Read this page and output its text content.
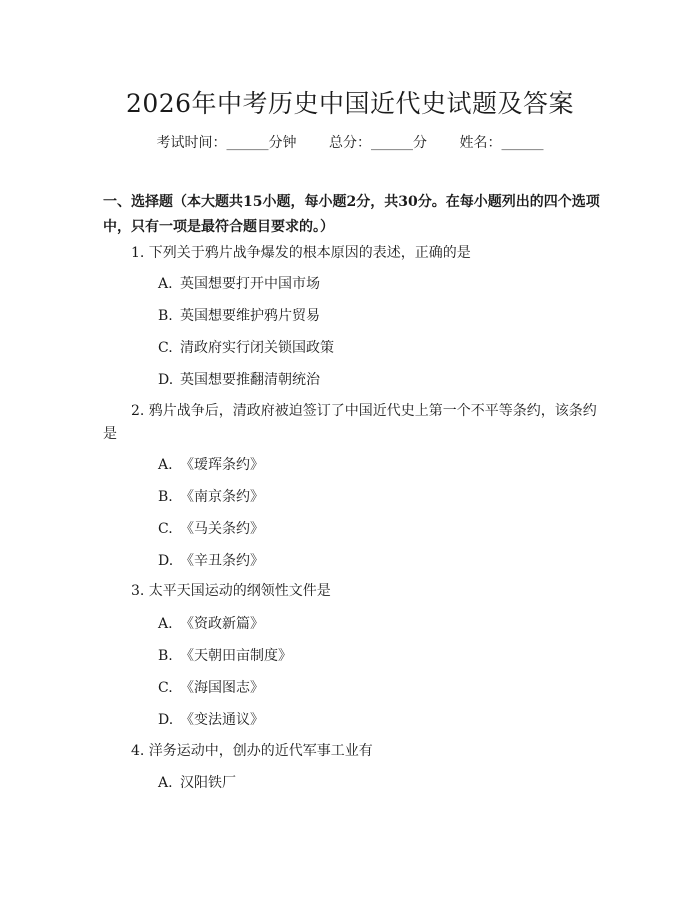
2026年中考历史中国近代史试题及答案
考试时间：______分钟 总分：______分 姓名：______
一、选择题（本大题共15小题，每小题2分，共30分。在每小题列出的四个选项中，只有一项是最符合题目要求的。）
1. 下列关于鸦片战争爆发的根本原因的表述，正确的是
A. 英国想要打开中国市场
B. 英国想要维护鸦片贸易
C. 清政府实行闭关锁国政策
D. 英国想要推翻清朝统治
2. 鸦片战争后，清政府被迫签订了中国近代史上第一个不平等条约，该条约是
A. 《瑷珲条约》
B. 《南京条约》
C. 《马关条约》
D. 《辛丑条约》
3. 太平天国运动的纲领性文件是
A. 《资政新篇》
B. 《天朝田亩制度》
C. 《海国图志》
D. 《变法通议》
4. 洋务运动中，创办的近代军事工业有
A. 汉阳铁厂
